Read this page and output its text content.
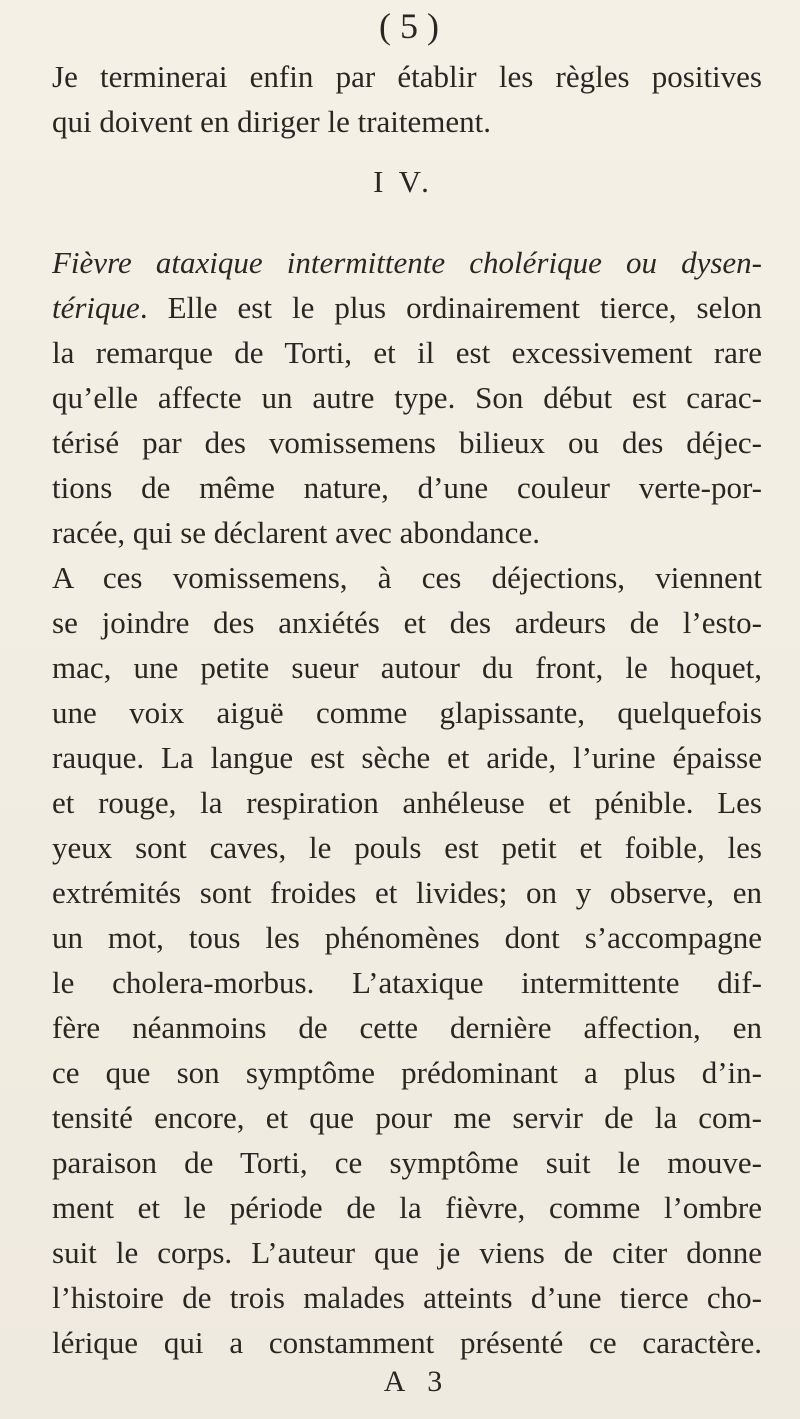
( 5 )
Je terminerai enfin par établir les règles positives
qui doivent en diriger le traitement.
I V.
Fièvre ataxique intermittente cholérique ou dysen-
térique. Elle est le plus ordinairement tierce, selon
la remarque de Torti, et il est excessivement rare
qu’elle affecte un autre type. Son début est carac-
térisé par des vomissemens bilieux ou des déjec-
tions de même nature, d’une couleur verte-por-
racée, qui se déclarent avec abondance.
A ces vomissemens, à ces déjections, viennent
se joindre des anxiétés et des ardeurs de l’esto-
mac, une petite sueur autour du front, le hoquet,
une voix aiguë comme glapissante, quelquefois
rauque. La langue est sèche et aride, l’urine épaisse
et rouge, la respiration anhéleuse et pénible. Les
yeux sont caves, le pouls est petit et foible, les
extrémités sont froides et livides; on y observe, en
un mot, tous les phénomènes dont s’accompagne
le cholera-morbus. L’ataxique intermittente dif-
fère néanmoins de cette dernière affection, en
ce que son symptôme prédominant a plus d’in-
tensité encore, et que pour me servir de la com-
paraison de Torti, ce symptôme suit le mouve-
ment et le période de la fièvre, comme l’ombre
suit le corps. L’auteur que je viens de citer donne
l’histoire de trois malades atteints d’une tierce cho-
lérique qui a constamment présenté ce caractère.
A 3
